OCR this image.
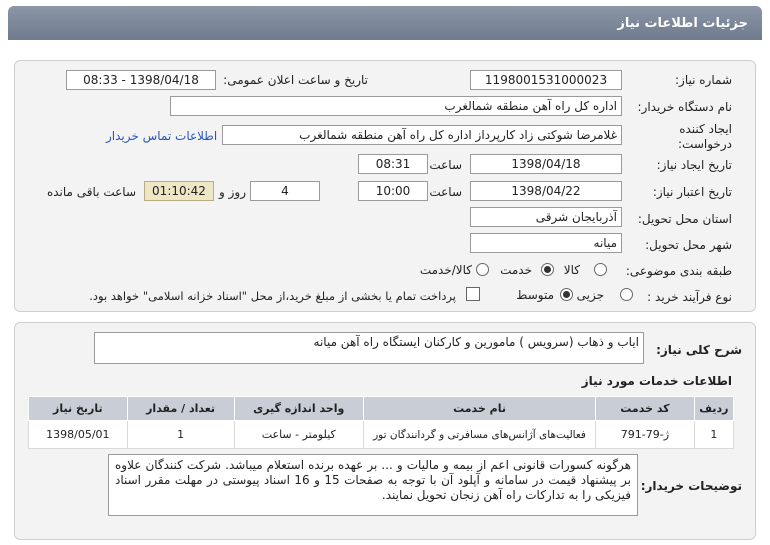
جزئیات اطلاعات نیاز
شماره نیاز:
1198001531000023
تاریخ و ساعت اعلان عمومی:
1398/04/18 - 08:33
نام دستگاه خریدار:
اداره کل راه آهن منطقه شمالغرب
ایجاد کننده درخواست:
غلامرضا شوکتی زاد کارپرداز اداره کل راه آهن منطقه شمالغرب
اطلاعات تماس خریدار
تاریخ ایجاد نیاز:
1398/04/18
ساعت
08:31
تاریخ اعتبار نیاز:
1398/04/22
ساعت
10:00
4
روز و
01:10:42
ساعت باقی مانده
استان محل تحویل:
آذربایجان شرقی
شهر محل تحویل:
میانه
طبقه بندی موضوعی:
کالا
خدمت
کالا/خدمت
نوع فرآیند خرید :
جزیی
متوسط
پرداخت تمام یا بخشی از مبلغ خرید،از محل "اسناد خزانه اسلامی" خواهد بود.
شرح کلی نیاز:
ایاب و ذهاب (سرویس ) مامورین و کارکنان ایستگاه راه آهن میانه
اطلاعات خدمات مورد نیاز
ردیف	کد خدمت	نام خدمت	واحد اندازه گیری	تعداد / مقدار	تاریخ نیاز
1	ژ-79-791	فعالیت‌های آژانس‌های مسافرتی و گردانندگان تور	کیلومتر - ساعت	1	1398/05/01
توضیحات خریدار:
هرگونه کسورات قانونی اعم از بیمه و مالیات و ... بر عهده برنده استعلام میباشد. شرکت کنندگان علاوه بر پیشنهاد قیمت در سامانه و آپلود آن با توجه به صفحات 15 و 16 اسناد پیوستی در مهلت مقرر اسناد فیزیکی را به تدارکات راه آهن زنجان تحویل نمایند.
